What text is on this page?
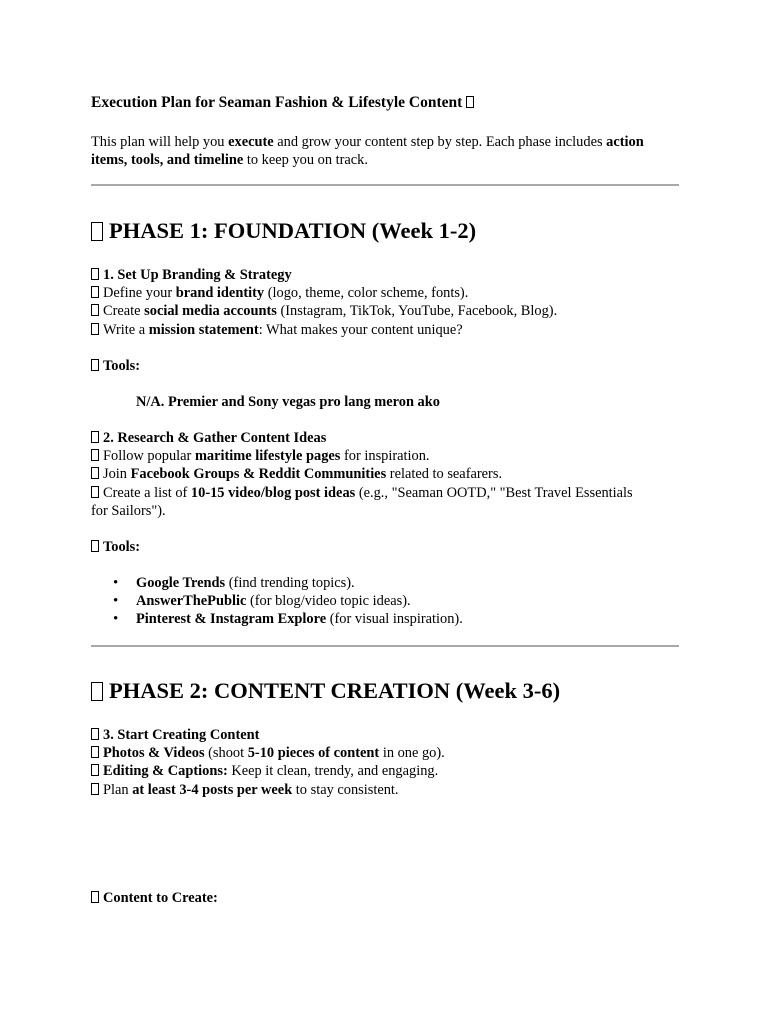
Execution Plan for Seaman Fashion & Lifestyle Content
This plan will help you execute and grow your content step by step. Each phase includes action items, tools, and timeline to keep you on track.
PHASE 1: FOUNDATION (Week 1-2)
1. Set Up Branding & Strategy
Define your brand identity (logo, theme, color scheme, fonts).
Create social media accounts (Instagram, TikTok, YouTube, Facebook, Blog).
Write a mission statement: What makes your content unique?
Tools:
N/A. Premier and Sony vegas pro lang meron ako
2. Research & Gather Content Ideas
Follow popular maritime lifestyle pages for inspiration.
Join Facebook Groups & Reddit Communities related to seafarers.
Create a list of 10-15 video/blog post ideas (e.g., "Seaman OOTD," "Best Travel Essentials
for Sailors").
Tools:
• Google Trends (find trending topics).
• AnswerThePublic (for blog/video topic ideas).
• Pinterest & Instagram Explore (for visual inspiration).
PHASE 2: CONTENT CREATION (Week 3-6)
3. Start Creating Content
Photos & Videos (shoot 5-10 pieces of content in one go).
Editing & Captions: Keep it clean, trendy, and engaging.
Plan at least 3-4 posts per week to stay consistent.
Content to Create:
